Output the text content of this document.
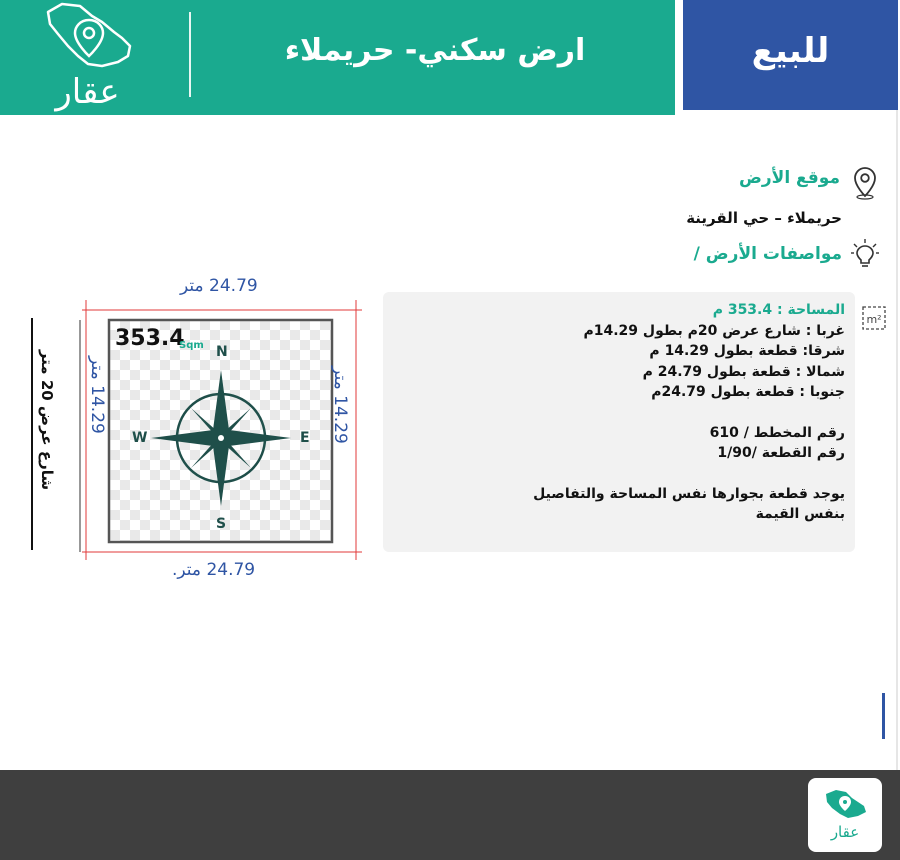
عقار
ارض سكني- حريملاء	للبيع
موقع الأرض
حريملاء – حي القرينة
مواصفات الأرض /
المساحة : 353.4 م
غربا : شارع عرض 20م بطول 14.29م
شرقا: قطعة بطول 14.29 م
شمالا : قطعة بطول 24.79 م
جنوبا : قطعة بطول 24.79م
رقم المخطط / 610
رقم القطعة /1/90
يوجد قطعة بجوارها نفس المساحة والتفاصيل
بنفس القيمة
m²
24.79 متر
24.79 متر.
14.29 متر
14.29 متر
شارع عرض 20 متر
353.4
Sqm N
S
E
W
عقار
